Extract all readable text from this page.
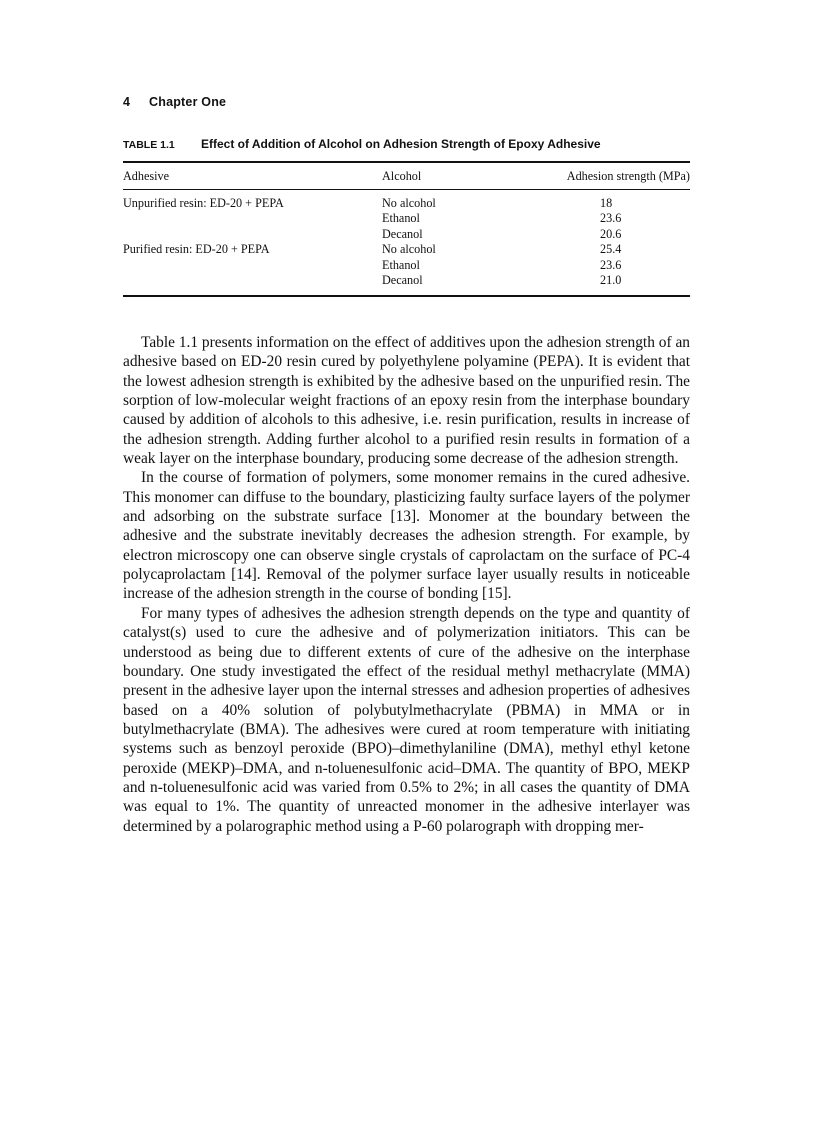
4 Chapter One
TABLE 1.1 Effect of Addition of Alcohol on Adhesion Strength of Epoxy Adhesive
Adhesive	Alcohol	Adhesion strength (MPa)
Unpurified resin: ED-20 + PEPA	No alcohol	18
	Ethanol	23.6
	Decanol	20.6
Purified resin: ED-20 + PEPA	No alcohol	25.4
	Ethanol	23.6
	Decanol	21.0

Table 1.1 presents information on the effect of additives upon the adhesion strength of an adhesive based on ED-20 resin cured by polyethylene polyamine (PEPA). It is evident that the lowest adhesion strength is exhibited by the adhesive based on the unpurified resin. The sorption of low-molecular weight fractions of an epoxy resin from the interphase boundary caused by addition of alcohols to this adhesive, i.e. resin purification, results in increase of the adhesion strength. Adding further alcohol to a purified resin results in formation of a weak layer on the interphase boundary, producing some decrease of the adhesion strength.

In the course of formation of polymers, some monomer remains in the cured adhesive. This monomer can diffuse to the boundary, plasticizing faulty surface layers of the polymer and adsorbing on the substrate surface [13]. Monomer at the boundary between the adhesive and the substrate inevitably decreases the adhesion strength. For example, by electron microscopy one can observe single crystals of caprolactam on the surface of PC-4 polycaprolactam [14]. Removal of the polymer surface layer usually results in noticeable increase of the adhesion strength in the course of bonding [15].

For many types of adhesives the adhesion strength depends on the type and quantity of catalyst(s) used to cure the adhesive and of polymerization initiators. This can be understood as being due to different extents of cure of the adhesive on the interphase boundary. One study investigated the effect of the residual methyl methacrylate (MMA) present in the adhesive layer upon the internal stresses and adhesion properties of adhesives based on a 40% solution of polybutylmethacrylate (PBMA) in MMA or in butylmethacrylate (BMA). The adhesives were cured at room temperature with initiating systems such as benzoyl peroxide (BPO)–dimethylaniline (DMA), methyl ethyl ketone peroxide (MEKP)–DMA, and n-toluenesulfonic acid–DMA. The quantity of BPO, MEKP and n-toluenesulfonic acid was varied from 0.5% to 2%; in all cases the quantity of DMA was equal to 1%. The quantity of unreacted monomer in the adhesive interlayer was determined by a polarographic method using a P-60 polarograph with dropping mer-
